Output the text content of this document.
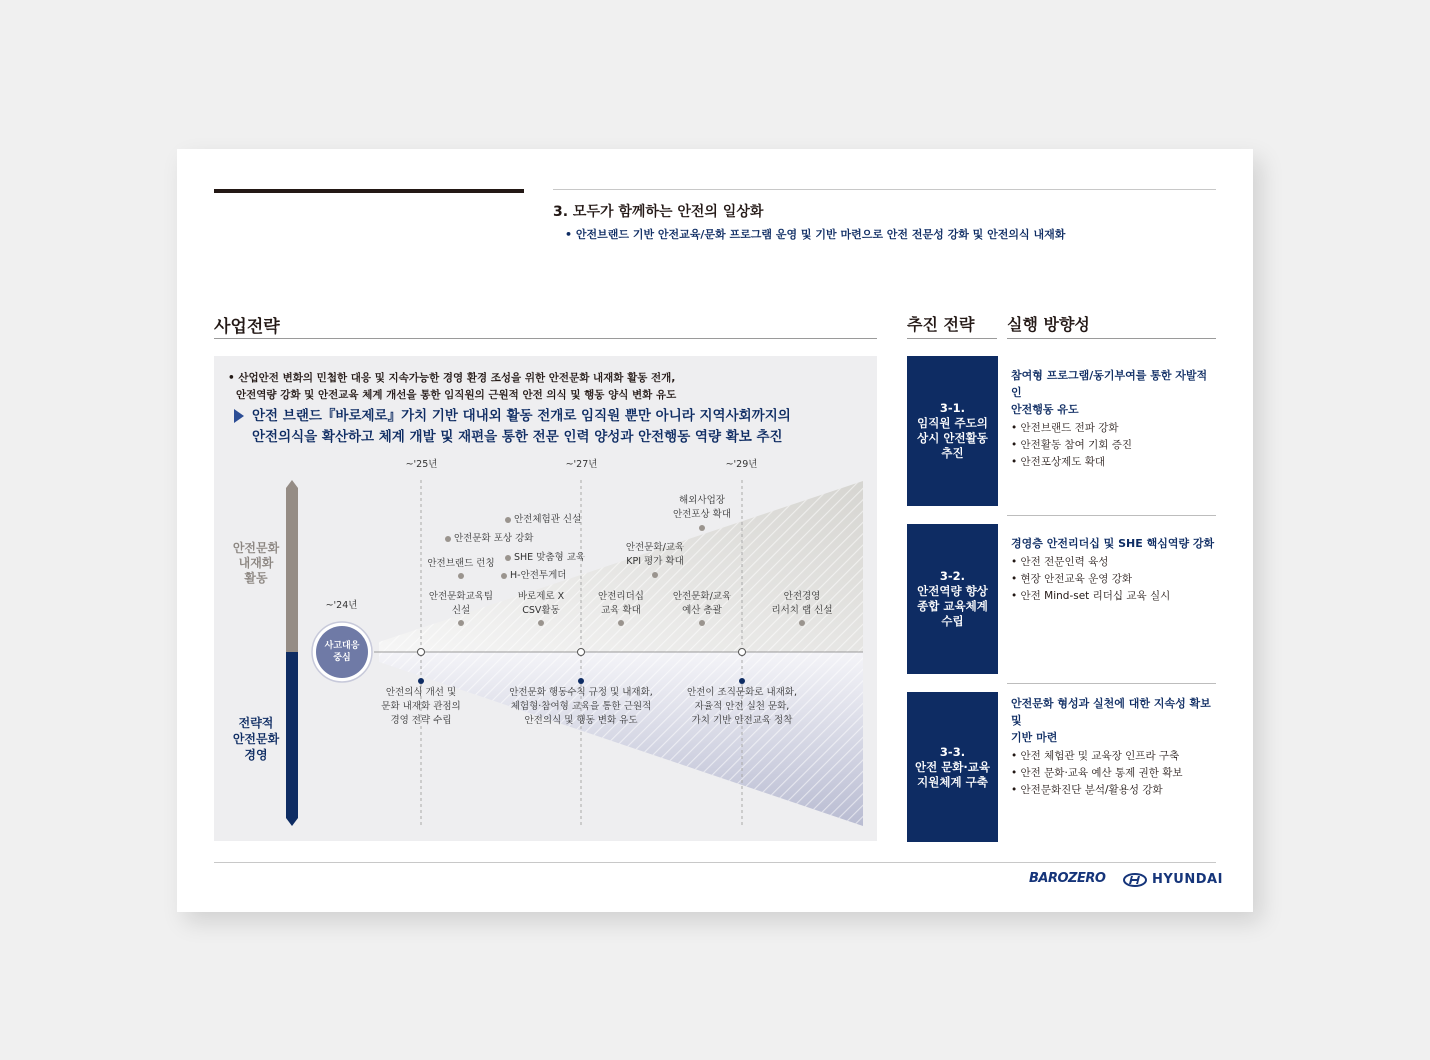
3. 모두가 함께하는 안전의 일상화
• 안전브랜드 기반 안전교육/문화 프로그램 운영 및 기반 마련으로 안전 전문성 강화 및 안전의식 내재화
사업전략	추진 전략 실행 방향성
• 산업안전 변화의 민첩한 대응 및 지속가능한 경영 환경 조성을 위한 안전문화 내재화 활동 전개,
안전역량 강화 및 안전교육 체계 개선을 통한 임직원의 근원적 안전 의식 및 행동 양식 변화 유도
안전 브랜드『바로제로』가치 기반 대내외 활동 전개로 임직원 뿐만 아니라 지역사회까지의
안전의식을 확산하고 체계 개발 및 재편을 통한 전문 인력 양성과 안전행동 역량 확보 추진
안전문화
내재화
활동
전략적
안전문화
경영
사고대응
중심
~'24년
~'25년	~'27년	~'29년
안전체험관 신설
안전문화 포상 강화
SHE 맞춤형 교육
H-안전투게더
안전브랜드 런칭
안전문화교육팀
신설
바로제로 X
CSV활동
해외사업장
안전포상 확대
안전문화/교육
KPI 평가 확대
안전리더십
교육 확대
안전문화/교육
예산 총괄
안전경영
리서치 랩 신설
안전의식 개선 및
문화 내재화 관점의
경영 전략 수립
안전문화 행동수칙 규정 및 내재화,
체험형·참여형 교육을 통한 근원적
안전의식 및 행동 변화 유도
안전이 조직문화로 내재화,
자율적 안전 실천 문화,
가치 기반 안전교육 정착
3-1.
임직원 주도의
상시 안전활동
추진
참여형 프로그램/동기부여를 통한 자발적인
안전행동 유도
• 안전브랜드 전파 강화
• 안전활동 참여 기회 증진
• 안전포상제도 확대
3-2.
안전역량 향상
종합 교육체계
수립
경영층 안전리더십 및 SHE 핵심역량 강화
• 안전 전문인력 육성
• 현장 안전교육 운영 강화
• 안전 Mind-set 리더십 교육 실시
3-3.
안전 문화·교육
지원체계 구축
안전문화 형성과 실천에 대한 지속성 확보 및
기반 마련
• 안전 체험관 및 교육장 인프라 구축
• 안전 문화·교육 예산 통제 권한 확보
• 안전문화진단 분석/활용성 강화
BAROZERO	HYUNDAI
